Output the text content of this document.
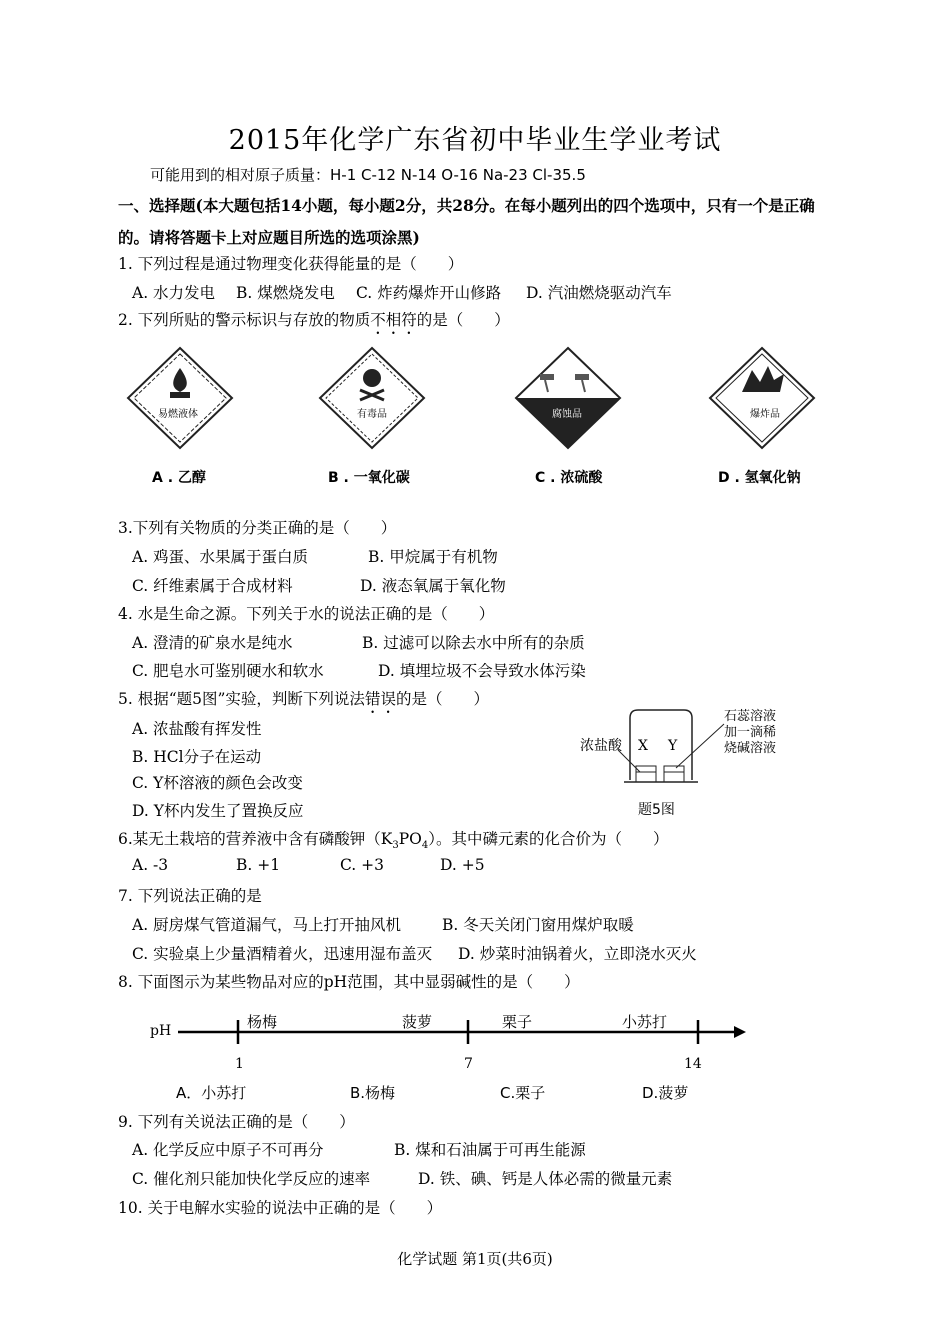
2015年化学广东省初中毕业生学业考试
可能用到的相对原子质量：H-1 C-12 N-14 O-16 Na-23 Cl-35.5
一、选择题(本大题包括14小题，每小题2分，共28分。在每小题列出的四个选项中，只有一个是正确的。请将答题卡上对应题目所选的选项涂黑)
1. 下列过程是通过物理变化获得能量的是（　　）
A. 水力发电 B. 煤燃烧发电 C. 炸药爆炸开山修路 D. 汽油燃烧驱动汽车
2. 下列所贴的警示标识与存放的物质不相符的是（　　）
易燃液体	有毒品	腐蚀品	爆炸品
A . 乙醇	B . 一氧化碳	C . 浓硫酸	D . 氢氧化钠
3.下列有关物质的分类正确的是（　　）
A. 鸡蛋、水果属于蛋白质	B. 甲烷属于有机物
C. 纤维素属于合成材料	D. 液态氧属于氧化物
4. 水是生命之源。下列关于水的说法正确的是（　　）
A. 澄清的矿泉水是纯水	B. 过滤可以除去水中所有的杂质
C. 肥皂水可鉴别硬水和软水	D. 填埋垃圾不会导致水体污染
5. 根据“题5图”实验，判断下列说法错误的是（　　）
A. 浓盐酸有挥发性
B. HCl分子在运动
C. Y杯溶液的颜色会改变
D. Y杯内发生了置换反应
浓盐酸 X Y
石蕊溶液
加一滴稀
烧碱溶液
题5图
6.某无土栽培的营养液中含有磷酸钾$(K_3PO_4)$。其中磷元素的化合价为（　　）
A. -3	B. +1	C. +3	D. +5
7. 下列说法正确的是
A. 厨房煤气管道漏气，马上打开抽风机	B. 冬天关闭门窗用煤炉取暖
C. 实验桌上少量酒精着火，迅速用湿布盖灭 D. 炒菜时油锅着火，立即浇水灭火
8. 下面图示为某些物品对应的pH范围，其中显弱碱性的是（　　）
pH	杨梅	菠萝	栗子	小苏打
1	7	14
A．小苏打	B.杨梅	C.栗子	D.菠萝
9. 下列有关说法正确的是（　　）
A. 化学反应中原子不可再分	B. 煤和石油属于可再生能源
C. 催化剂只能加快化学反应的速率	D. 铁、碘、钙是人体必需的微量元素
10. 关于电解水实验的说法中正确的是（　　）
化学试题 第1页(共6页)
